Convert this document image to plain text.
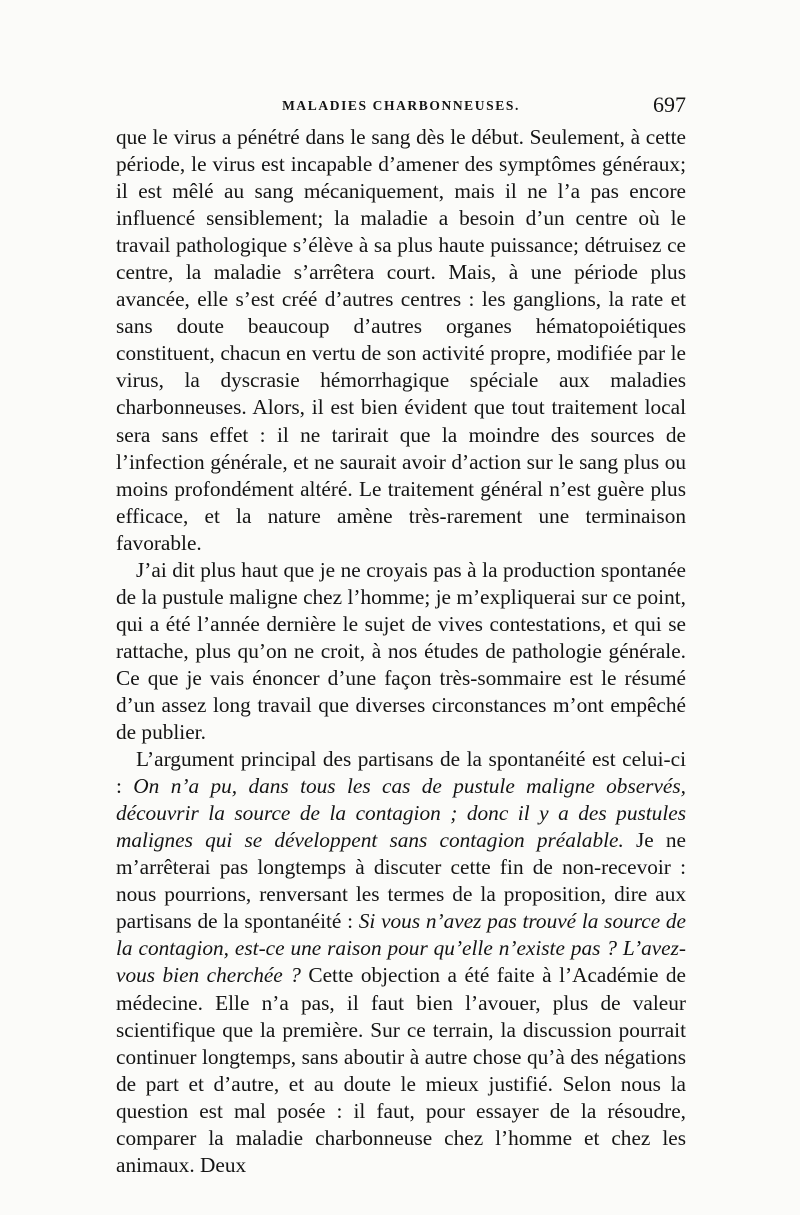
MALADIES CHARBONNEUSES.	697

que le virus a pénétré dans le sang dès le début. Seulement, à cette période, le virus est incapable d’amener des symptômes généraux; il est mêlé au sang mécaniquement, mais il ne l’a pas encore influencé sensiblement; la maladie a besoin d’un centre où le travail pathologique s’élève à sa plus haute puissance; détruisez ce centre, la maladie s’arrêtera court. Mais, à une période plus avancée, elle s’est créé d’autres centres : les ganglions, la rate et sans doute beaucoup d’autres organes hématopoiétiques constituent, chacun en vertu de son activité propre, modifiée par le virus, la dyscrasie hémorrhagique spéciale aux maladies charbonneuses. Alors, il est bien évident que tout traitement local sera sans effet : il ne tarirait que la moindre des sources de l’infection générale, et ne saurait avoir d’action sur le sang plus ou moins profondément altéré. Le traitement général n’est guère plus efficace, et la nature amène très-rarement une terminaison favorable.

J’ai dit plus haut que je ne croyais pas à la production spontanée de la pustule maligne chez l’homme; je m’expliquerai sur ce point, qui a été l’année dernière le sujet de vives contestations, et qui se rattache, plus qu’on ne croit, à nos études de pathologie générale. Ce que je vais énoncer d’une façon très-sommaire est le résumé d’un assez long travail que diverses circonstances m’ont empêché de publier.

L’argument principal des partisans de la spontanéité est celui-ci : On n’a pu, dans tous les cas de pustule maligne observés, découvrir la source de la contagion ; donc il y a des pustules malignes qui se développent sans contagion préalable. Je ne m’arrêterai pas longtemps à discuter cette fin de non-recevoir : nous pourrions, renversant les termes de la proposition, dire aux partisans de la spontanéité : Si vous n’avez pas trouvé la source de la contagion, est-ce une raison pour qu’elle n’existe pas ? L’avez-vous bien cherchée ? Cette objection a été faite à l’Académie de médecine. Elle n’a pas, il faut bien l’avouer, plus de valeur scientifique que la première. Sur ce terrain, la discussion pourrait continuer longtemps, sans aboutir à autre chose qu’à des négations de part et d’autre, et au doute le mieux justifié. Selon nous la question est mal posée : il faut, pour essayer de la résoudre, comparer la maladie charbonneuse chez l’homme et chez les animaux. Deux
